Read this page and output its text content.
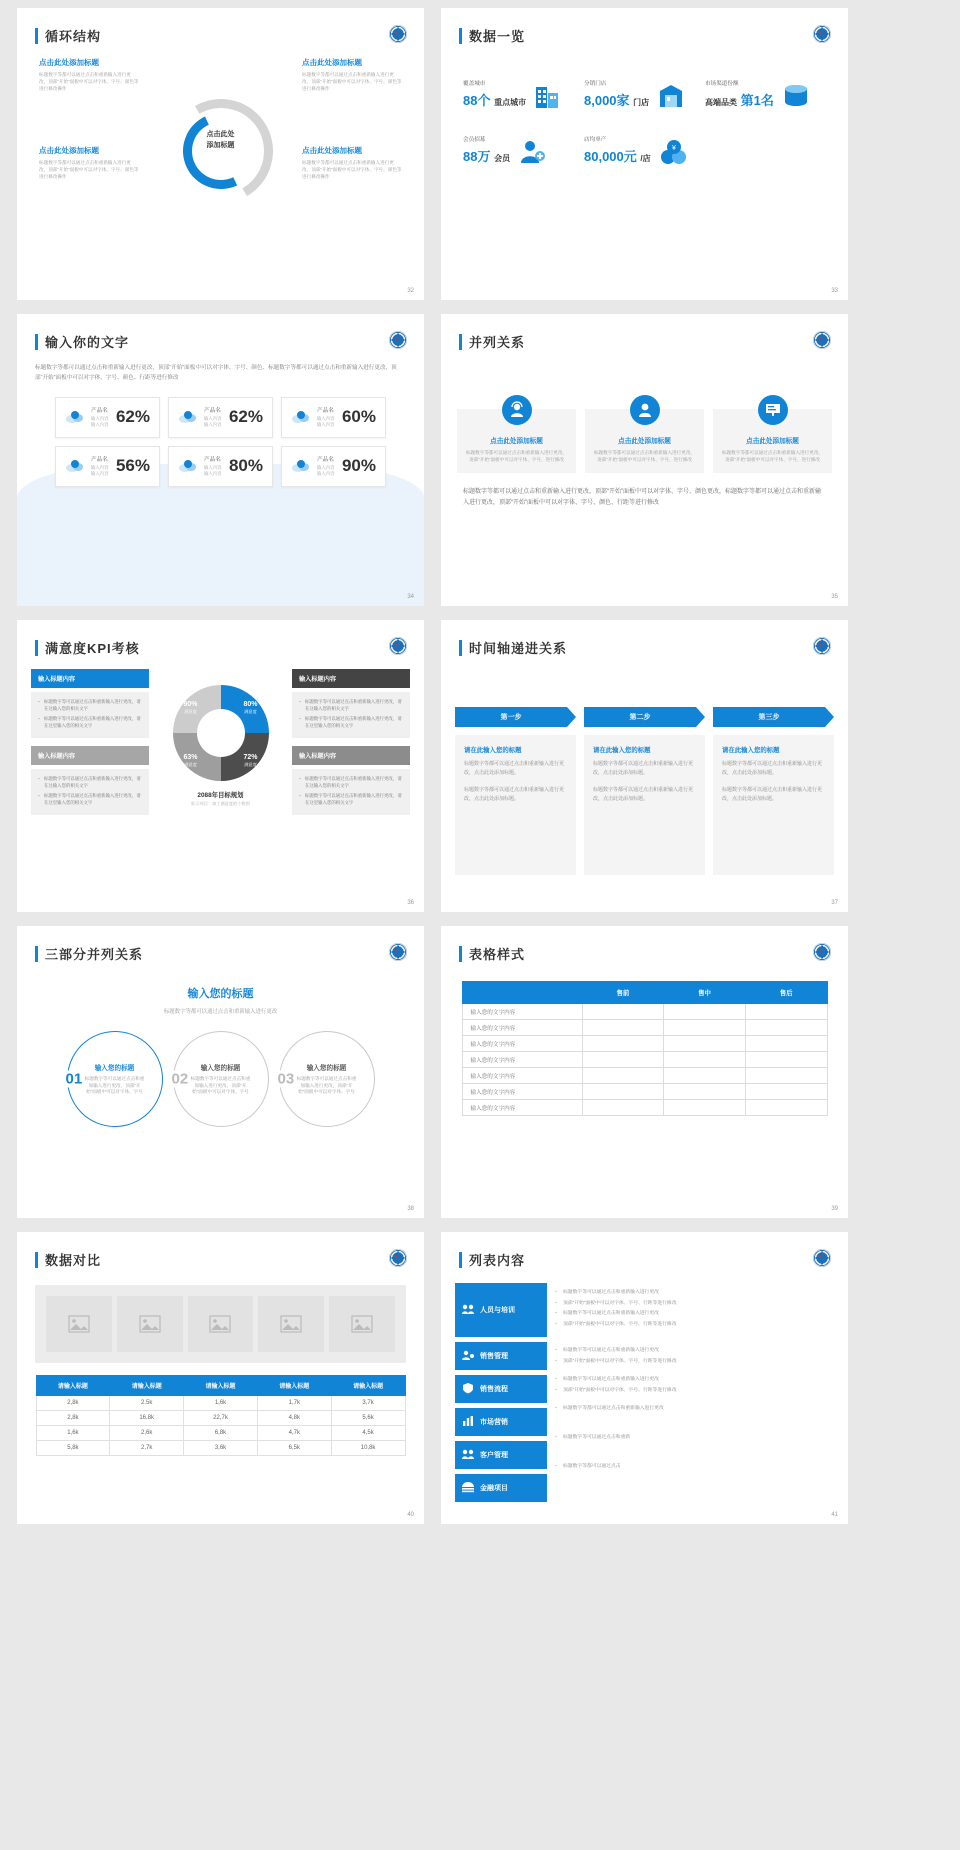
循环结构
点击此处添加标题
标题数字等都可以通过点击和重新输入进行更改，顶部“开始”面板中可以对字体、字号、颜色等进行修改操作
点击此处添加标题
标题数字等都可以通过点击和重新输入进行更改，顶部“开始”面板中可以对字体、字号、颜色等进行修改操作
点击此处添加标题
标题数字等都可以通过点击和重新输入进行更改，顶部“开始”面板中可以对字体、字号、颜色等进行修改操作
点击此处添加标题
标题数字等都可以通过点击和重新输入进行更改，顶部“开始”面板中可以对字体、字号、颜色等进行修改操作
点击此处
添加标题
32
数据一览
覆盖城市
88个 重点城市
分销门店
8,000家 门店
市场渠道份额
高端品类 第1名
会员招募
88万 会员
店均单产
80,000元 /店
¥
33
输入你的文字
标题数字等都可以通过点击和重新输入进行更改，顶部“开始”面板中可以对字体、字号、颜色、标题数字等都可以通过点击和重新输入进行更改，顶部“开始”面板中可以对字体、字号、颜色、行距等进行修改
产品名
输入内容 输入内容 62%	产品名
输入内容 输入内容 62%	产品名
输入内容 输入内容 60%
产品名
输入内容 输入内容 56%	产品名
输入内容 输入内容 80%	产品名
输入内容 输入内容 90%
34
并列关系
点击此处添加标题
标题数字等都可以通过点击和重新输入进行更改，顶部“开始”面板中可以对字体、字号、进行修改
点击此处添加标题
标题数字等都可以通过点击和重新输入进行更改，顶部“开始”面板中可以对字体、字号、进行修改
点击此处添加标题
标题数字等都可以通过点击和重新输入进行更改，顶部“开始”面板中可以对字体、字号、进行修改
标题数字等都可以通过点击和重新输入进行更改，顶部“开始”面板中可以对字体、字号、颜色更改，标题数字等都可以通过点击和重新输入进行更改，顶部“开始”面板中可以对字体、字号、颜色、行距等进行修改
35
满意度KPI考核
输入标题内容
▪ 标题数字等可以通过点击和重新输入进行更改，请在这输入您的相关文字
▪ 标题数字等可以通过点击和重新输入进行更改，请在这里输入您的相关文字
输入标题内容
▪ 标题数字等可以通过点击和重新输入进行更改，请在这输入您的相关文字
▪ 标题数字等可以通过点击和重新输入进行更改，请在这里输入您的相关文字
90%
满意度
80%
满意度
63%
满意度
72%
满意度
2088年目标规划
标示项目：加工满意度的个数图
输入标题内容
▪ 标题数字等可以通过点击和重新输入进行更改，请在这输入您的相关文字
▪ 标题数字等可以通过点击和重新输入进行更改，请在这里输入您的相关文字
输入标题内容
▪ 标题数字等可以通过点击和重新输入进行更改，请在这输入您的相关文字
▪ 标题数字等可以通过点击和重新输入进行更改，请在这里输入您的相关文字
36
时间轴递进关系
第一步
请在此输入您的标题

标题数字等都可以通过点击和重新输入进行更改，点击此处添加标题。

标题数字等都可以通过点击和重新输入进行更改，点击此处添加标题。

第二步
请在此输入您的标题

标题数字等都可以通过点击和重新输入进行更改，点击此处添加标题。

标题数字等都可以通过点击和重新输入进行更改，点击此处添加标题。

第三步
请在此输入您的标题

标题数字等都可以通过点击和重新输入进行更改，点击此处添加标题。

标题数字等都可以通过点击和重新输入进行更改，点击此处添加标题。

37
三部分并列关系
输入您的标题
标题数字等都可以通过点击和重新输入进行更改
01
输入您的标题
标题数字等可以通过点击和重加输入进行更改，顶部“开始”面板中可以对字体、字号
02
输入您的标题
标题数字等可以通过点击和重加输入进行更改，顶部“开始”面板中可以对字体、字号
03
输入您的标题
标题数字等可以通过点击和重加输入进行更改，顶部“开始”面板中可以对字体、字号
38
表格样式
	售前	售中	售后
输入您的文字内容			
输入您的文字内容			
输入您的文字内容			
输入您的文字内容			
输入您的文字内容			
输入您的文字内容			
输入您的文字内容			
39
数据对比
请输入标题	请输入标题	请输入标题	请输入标题	请输入标题
2,8k	2.5k	1,6k	1,7k	3,7k
2,8k	16,8k	22,7k	4,8k	5,6k
1,6k	2,6k	6,8k	4,7k	4,5k
5,8k	2,7k	3,6k	6,5k	10,8k
40
列表内容
人员与培训
销售管理
销售流程
市场营销
客户管理
金融项目

▪ 标题数字等可以通过点击和重新输入进行更改

▪ 顶部“开始”面板中可以对字体、字号、行距等进行修改

▪ 标题数字等可以通过点击和重新输入进行更改

▪ 顶部“开始”面板中可以对字体、字号、行距等进行修改

▪ 标题数字等可以通过点击和重新输入进行更改

▪ 顶部“开始”面板中可以对字体、字号、行距等进行修改

▪ 标题数字等可以通过点击和重新输入进行更改

▪ 顶部“开始”面板中可以对字体、字号、行距等进行修改

▪ 标题数字等都可以通过点击和重新输入进行更改

▪ 标题数字等可以通过点击和重新

▪ 标题数字等都可以通过点击

41
